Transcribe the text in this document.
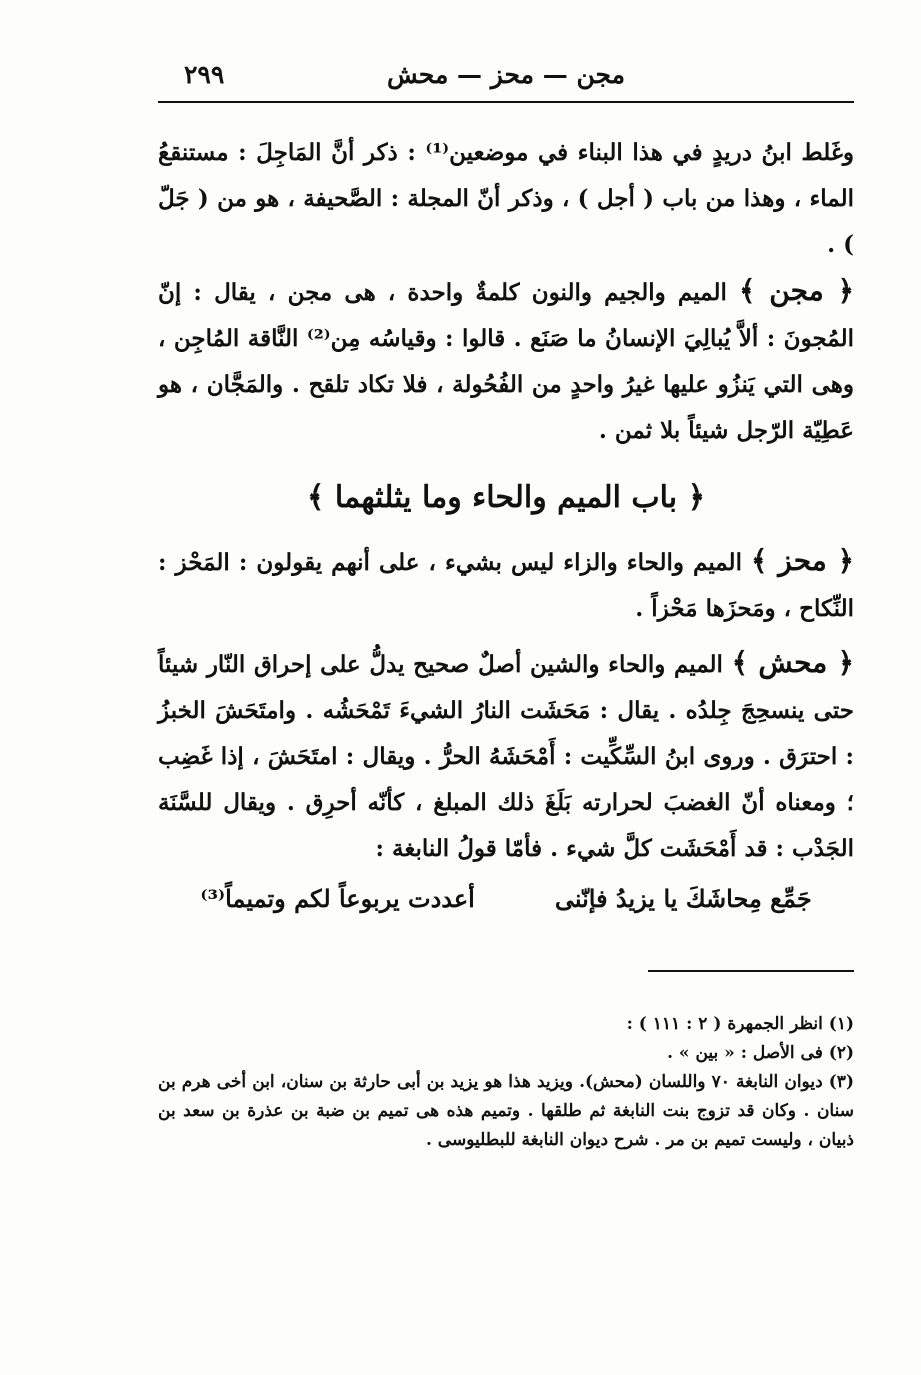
مجن — محز — محش
٢٩٩

وغَلط ابنُ دريدٍ في هذا البناء في موضعين⁽¹⁾ : ذكر أنَّ المَاجِلَ : مستنقعُ الماء ، وهذا من باب ( أجل ) ، وذكر أنّ المجلة : الصَّحيفة ، هو من ( جَلّ ) .

﴿ مجن ﴾ الميم والجيم والنون كلمةٌ واحدة ، هى مجن ، يقال : إنّ المُجونَ : ألاَّ يُبالِيَ الإنسانُ ما صَنَع . قالوا : وقياسُه مِن⁽²⁾ النَّاقة المُاجِن ، وهى التي يَنزُو عليها غيرُ واحدٍ من الفُحُولة ، فلا تكاد تلقح . والمَجَّان ، هو عَطِيّة الرّجل شيئاً بلا ثمن .

﴿ باب الميم والحاء وما يثلثهما ﴾

﴿ محز ﴾ الميم والحاء والزاء ليس بشيء ، على أنهم يقولون : المَحْز : النِّكاح ، ومَحزَها مَحْزاً .

﴿ محش ﴾ الميم والحاء والشين أصلٌ صحيح يدلُّ على إحراق النّار شيئاً حتى ينسحِجَ جِلدُه . يقال : مَحَشَت النارُ الشيءَ تَمْحَشُه . وامتَحَشَ الخبزُ : احترَق . وروى ابنُ السِّكِّيت : أَمْحَشَهُ الحرُّ . ويقال : امتَحَشَ ، إذا غَضِب ؛ ومعناه أنّ الغضبَ لحرارته بَلَغَ ذلك المبلغ ، كأنّه أحرِق . ويقال للسَّنَة الجَدْب : قد أَمْحَشَت كلَّ شيء . فأمّا قولُ النابغة :

جَمِّع مِحاشَكَ يا يزيدُ فإنّنى
أعددت يربوعاً لكم وتميماً⁽³⁾

(١) انظر الجمهرة ( ٢ : ١١١ ) :

(٢) فى الأصل : « بين » .

(٣) ديوان النابغة ٧٠ واللسان (محش). ويزيد هذا هو يزيد بن أبى حارثة بن سنان، ابن أخى هرم بن سنان . وكان قد تزوج بنت النابغة ثم طلقها . وتميم هذه هى تميم بن ضبة بن عذرة بن سعد بن ذبيان ، وليست تميم بن مر . شرح ديوان النابغة للبطليوسى .
